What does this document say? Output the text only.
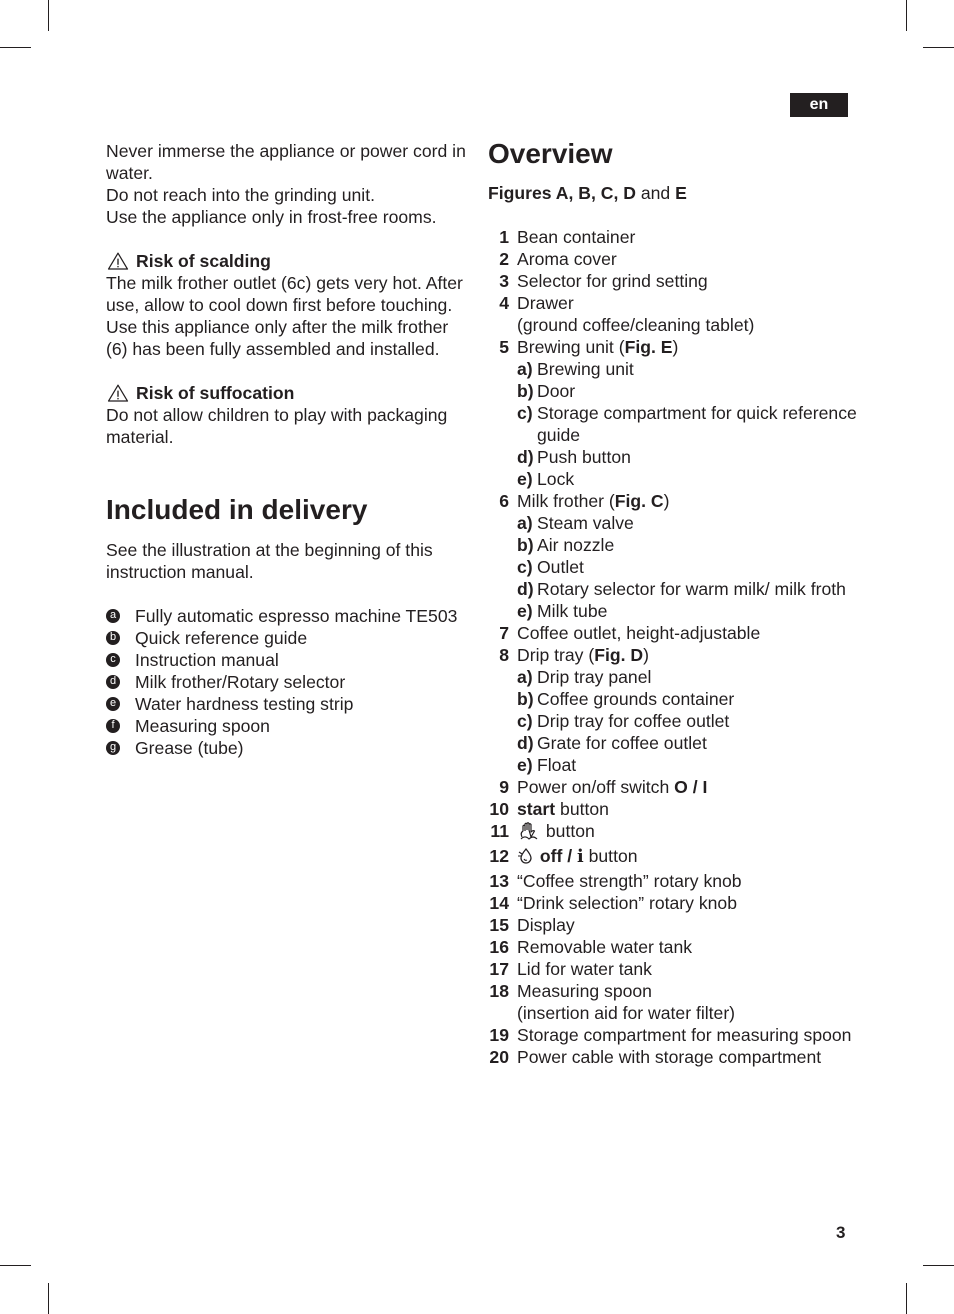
en

Never immerse the appliance or power cord in water.

Do not reach into the grinding unit.

Use the appliance only in frost-free rooms.

Risk of scalding

The milk frother outlet (6c) gets very hot. After use, allow to cool down first before touching.

Use this appliance only after the milk frother (6) has been fully assembled and installed.

Risk of suffocation

Do not allow children to play with packaging material.

Included in delivery

See the illustration at the beginning of this instruction manual.

a Fully automatic espresso machine TE503
b Quick reference guide
c Instruction manual
d Milk frother/Rotary selector
e Water hardness testing strip
f	Measuring spoon
g Grease (tube)
Overview
Figures A, B, C, D and E
1 Bean container
2 Aroma cover
3 Selector for grind setting
4 Drawer
(ground coffee/cleaning tablet)
5 Brewing unit (Fig. E)
a) Brewing unit
b) Door
c) Storage compartment for quick reference guide
d) Push button
e) Lock
6 Milk frother (Fig. C)
a) Steam valve
b) Air nozzle
c) Outlet
d) Rotary selector for warm milk/ milk froth
e) Milk tube
7 Coffee outlet, height-adjustable
8 Drip tray (Fig. D)
a) Drip tray panel
b) Coffee grounds container
c) Drip tray for coffee outlet
d) Grate for coffee outlet
e) Float
9 Power on/off switch O / I
10 start button
11	button
12	off / i button
13 “Coffee strength” rotary knob
14 “Drink selection” rotary knob
15 Display
16 Removable water tank
17 Lid for water tank
18 Measuring spoon
(insertion aid for water filter)
19 Storage compartment for measuring spoon
20 Power cable with storage compartment
3
